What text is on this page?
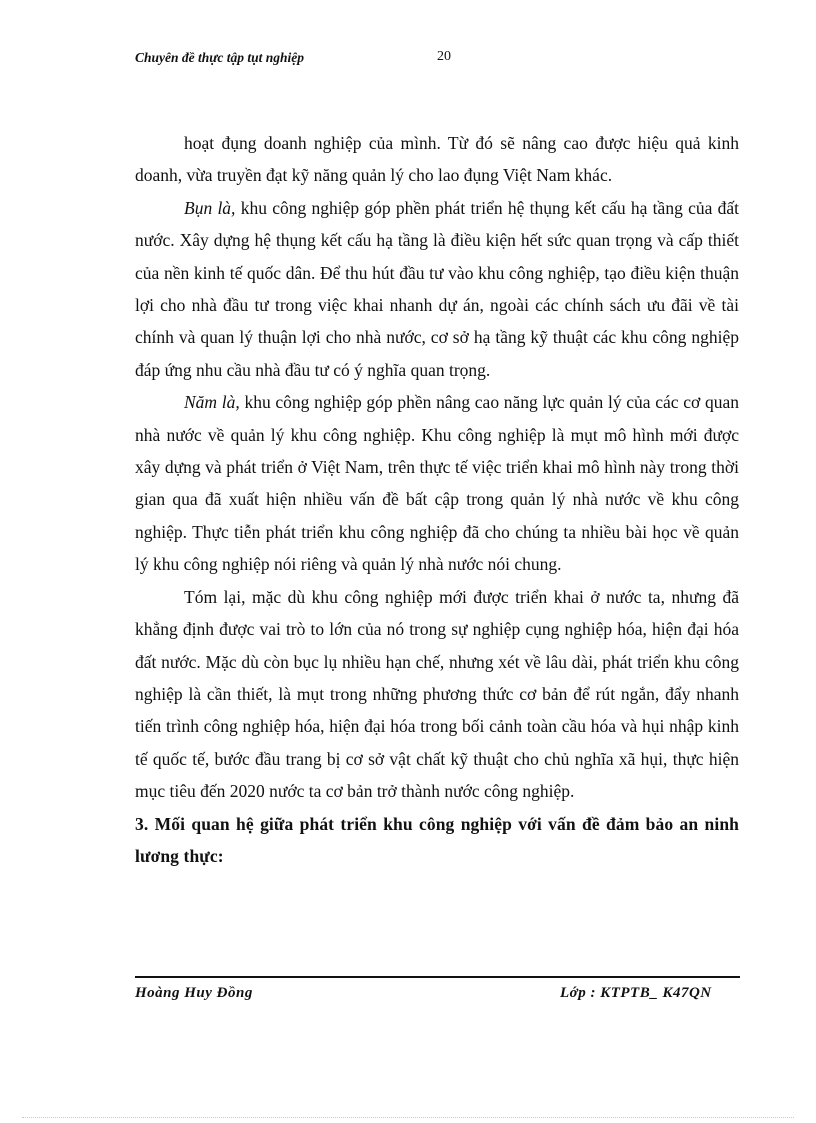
Chuyên đề thực tập tụt nghiệp	20

hoạt đụng doanh nghiệp của mình. Từ đó sẽ nâng cao được hiệu quả kinh doanh, vừa truyền đạt kỹ năng quản lý cho lao đụng Việt Nam khác.

Bụn là, khu công nghiệp góp phền phát triển hệ thụng kết cấu hạ tầng của đất nước. Xây dựng hệ thụng kết cấu hạ tầng là điều kiện hết sức quan trọng và cấp thiết của nền kinh tế quốc dân. Để thu hút đầu tư vào khu công nghiệp, tạo điều kiện thuận lợi cho nhà đầu tư trong việc khai nhanh dự án, ngoài các chính sách ưu đãi về tài chính và quan lý thuận lợi cho nhà nước, cơ sở hạ tầng kỹ thuật các khu công nghiệp đáp ứng nhu cầu nhà đầu tư có ý nghĩa quan trọng.

Năm là, khu công nghiệp góp phền nâng cao năng lực quản lý của các cơ quan nhà nước về quản lý khu công nghiệp. Khu công nghiệp là mụt mô hình mới được xây dựng và phát triển ở Việt Nam, trên thực tế việc triển khai mô hình này trong thời gian qua đã xuất hiện nhiều vấn đề bất cập trong quản lý nhà nước về khu công nghiệp. Thực tiễn phát triển khu công nghiệp đã cho chúng ta nhiều bài học về quản lý khu công nghiệp nói riêng và quản lý nhà nước nói chung.

Tóm lại, mặc dù khu công nghiệp mới được triển khai ở nước ta, nhưng đã khẳng định được vai trò to lớn của nó trong sự nghiệp cụng nghiệp hóa, hiện đại hóa đất nước. Mặc dù còn bục lụ nhiều hạn chế, nhưng xét về lâu dài, phát triển khu công nghiệp là cần thiết, là mụt trong những phương thức cơ bản để rút ngắn, đẩy nhanh tiến trình công nghiệp hóa, hiện đại hóa trong bối cảnh toàn cầu hóa và hụi nhập kinh tế quốc tế, bước đầu trang bị cơ sở vật chất kỹ thuật cho chủ nghĩa xã hụi, thực hiện mục tiêu đến 2020 nước ta cơ bản trở thành nước công nghiệp.

3. Mối quan hệ giữa phát triển khu công nghiệp với vấn đề đảm bảo an ninh lương thực:

Hoàng Huy Đồng	Lớp : KTPTB_ K47QN
